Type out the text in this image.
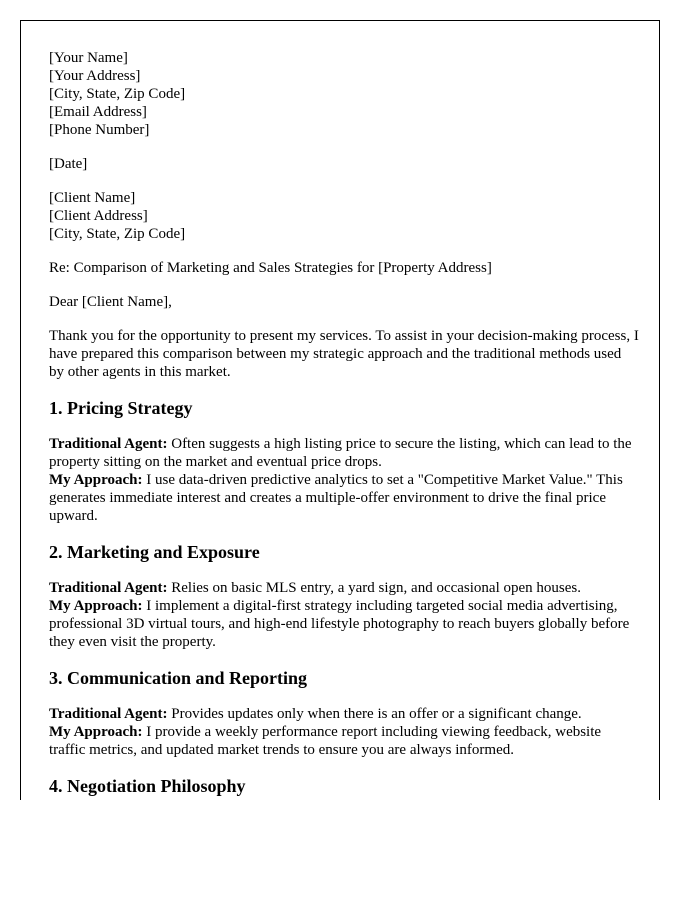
[Your Name]
[Your Address]
[City, State, Zip Code]
[Email Address]
[Phone Number]
[Date]
[Client Name]
[Client Address]
[City, State, Zip Code]

Re: Comparison of Marketing and Sales Strategies for [Property Address]

Dear [Client Name],

Thank you for the opportunity to present my services. To assist in your decision-making process, I have prepared this comparison between my strategic approach and the traditional methods used by other agents in this market.

1. Pricing Strategy

Traditional Agent: Often suggests a high listing price to secure the listing, which can lead to the property sitting on the market and eventual price drops.

My Approach: I use data-driven predictive analytics to set a "Competitive Market Value." This generates immediate interest and creates a multiple-offer environment to drive the final price upward.

2. Marketing and Exposure

Traditional Agent: Relies on basic MLS entry, a yard sign, and occasional open houses.

My Approach: I implement a digital-first strategy including targeted social media advertising, professional 3D virtual tours, and high-end lifestyle photography to reach buyers globally before they even visit the property.

3. Communication and Reporting

Traditional Agent: Provides updates only when there is an offer or a significant change.

My Approach: I provide a weekly performance report including viewing feedback, website traffic metrics, and updated market trends to ensure you are always informed.

4. Negotiation Philosophy
